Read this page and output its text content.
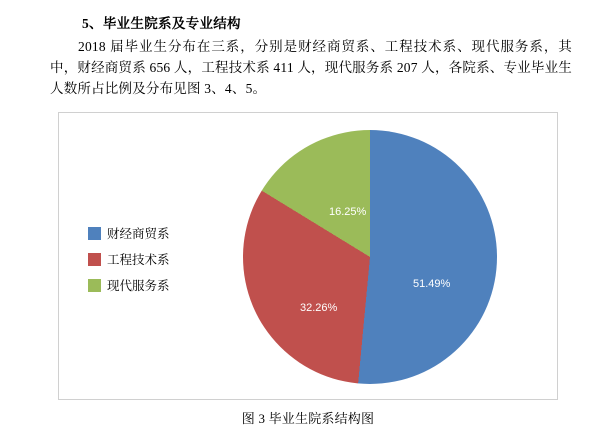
5、毕业生院系及专业结构
2018 届毕业生分布在三系，分别是财经商贸系、工程技术系、现代服务系，其中，财经商贸系 656 人，工程技术系 411 人，现代服务系 207 人，各院系、专业毕业生人数所占比例及分布见图 3、4、5。
财经商贸系
工程技术系
现代服务系	51.49%
32.26%
16.25%
图 3 毕业生院系结构图
